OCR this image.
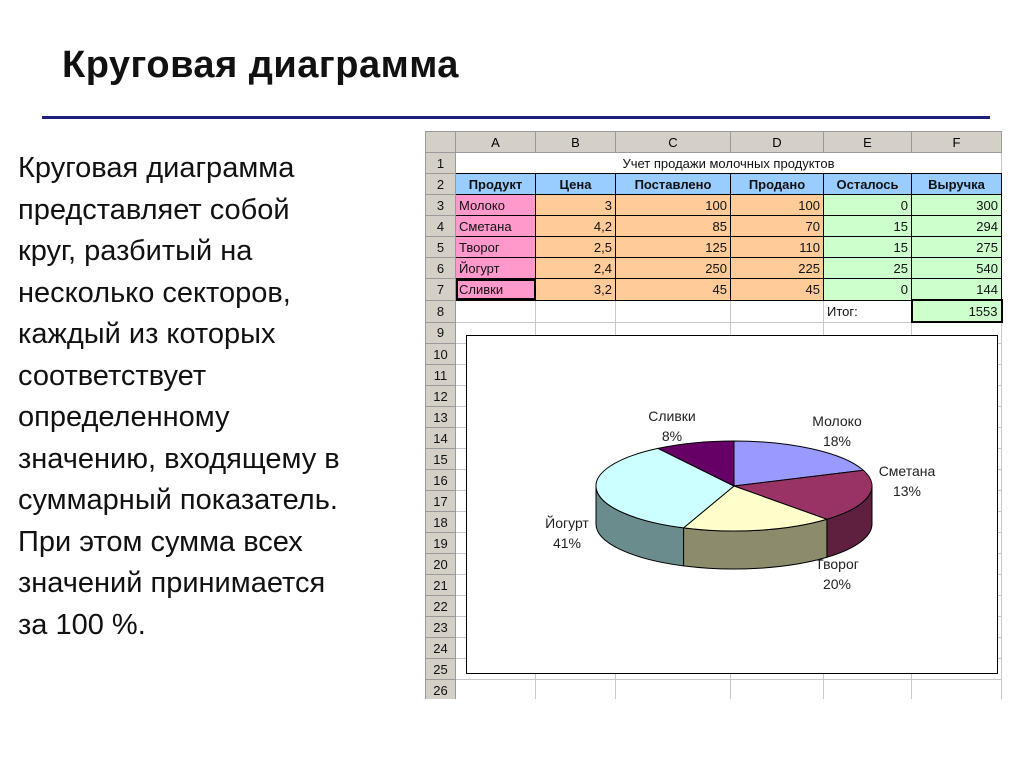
Круговая диаграмма
Круговая диаграмма
представляет собой
круг, разбитый на
несколько секторов,
каждый из которых
соответствует
определенному
значению, входящему в
суммарный показатель.
При этом сумма всех
значений принимается
за 100 %.
	A	B	C	D	E	F
1	Учет продажи молочных продуктов					
2	Продукт	Цена	Поставлено	Продано	Осталось	Выручка
3	Молоко	3	100	100	0	300
4	Сметана	4,2	85	70	15	294
5	Творог	2,5	125	110	15	275
6	Йогурт	2,4	250	225	25	540
7	Сливки	3,2	45	45	0	144
8					Итог:	1553
9						
10						
11						
12						
13						
14						
15						
16						
17						
18						
19						
20						
21						
22						
23						
24						
25						
26						
Молоко
18%
Сметана
13%
Творог
20%
Йогурт
41%
Сливки
8%
